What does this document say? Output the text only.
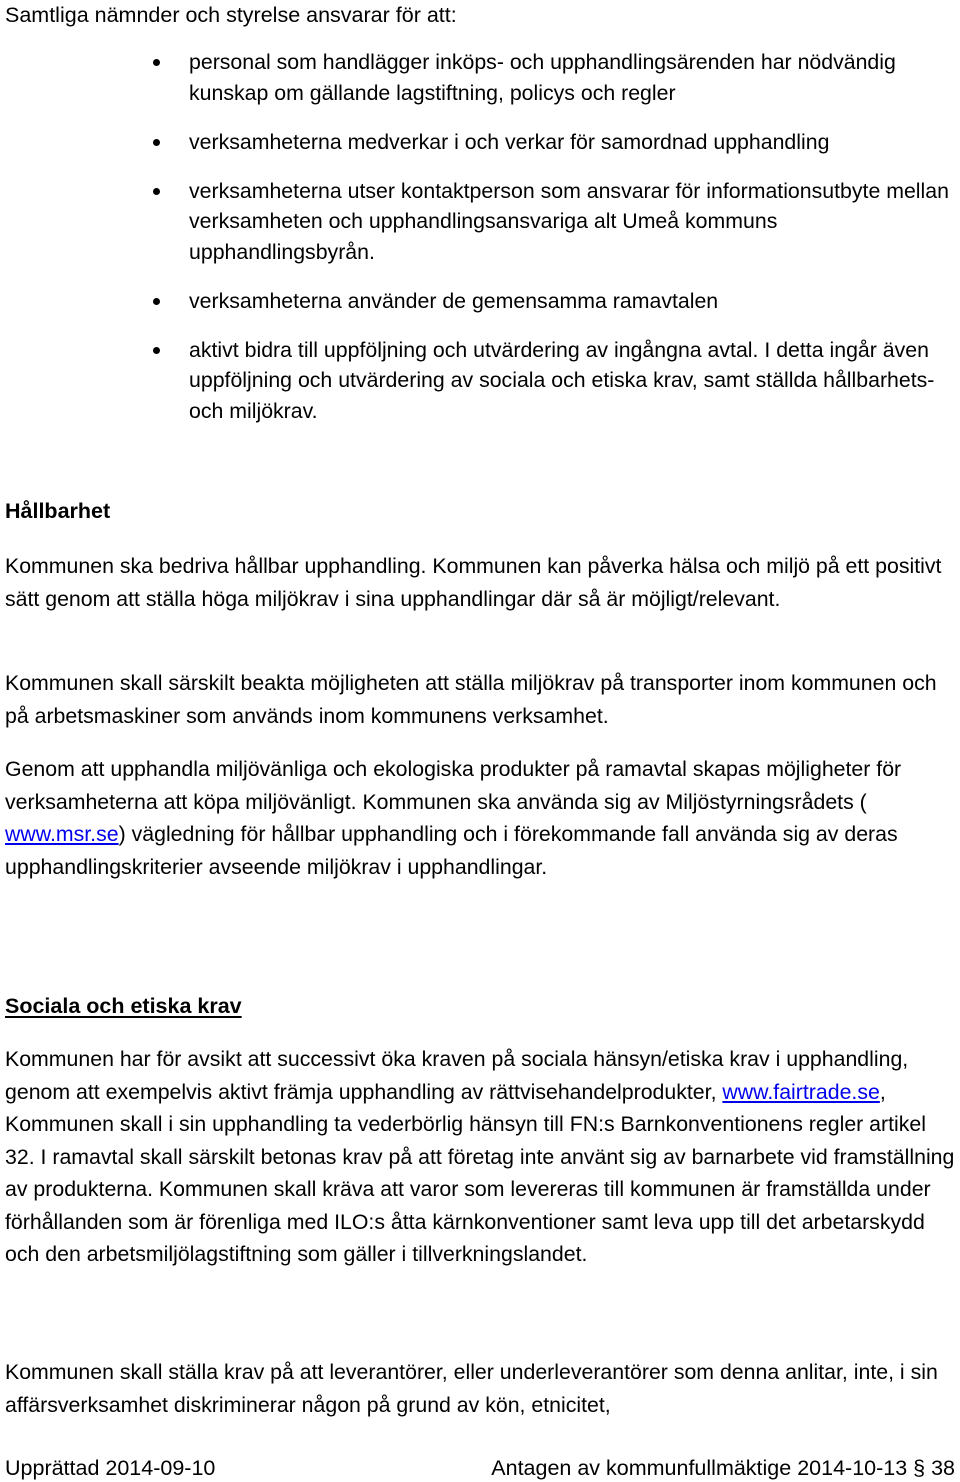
Samtliga nämnder och styrelse ansvarar för att:
personal som handlägger inköps- och upphandlingsärenden har nödvändig kunskap om gällande lagstiftning, policys och regler
verksamheterna medverkar i och verkar för samordnad upphandling
verksamheterna utser kontaktperson som ansvarar för informationsutbyte mellan verksamheten och upphandlingsansvariga alt Umeå kommuns upphandlingsbyrån.
verksamheterna använder de gemensamma ramavtalen
aktivt bidra till uppföljning och utvärdering av ingångna avtal. I detta ingår även uppföljning och utvärdering av sociala och etiska krav, samt ställda hållbarhets- och miljökrav.
Hållbarhet

Kommunen ska bedriva hållbar upphandling. Kommunen kan påverka hälsa och miljö på ett positivt sätt genom att ställa höga miljökrav i sina upphandlingar där så är möjligt/relevant.

Kommunen skall särskilt beakta möjligheten att ställa miljökrav på transporter inom kommunen och på arbetsmaskiner som används inom kommunens verksamhet.

Genom att upphandla miljövänliga och ekologiska produkter på ramavtal skapas möjligheter för verksamheterna att köpa miljövänligt. Kommunen ska använda sig av Miljöstyrningsrådets ( www.msr.se) vägledning för hållbar upphandling och i förekommande fall använda sig av deras upphandlingskriterier avseende miljökrav i upphandlingar.

Sociala och etiska krav

Kommunen har för avsikt att successivt öka kraven på sociala hänsyn/etiska krav i upphandling, genom att exempelvis aktivt främja upphandling av rättvisehandelprodukter, www.fairtrade.se, Kommunen skall i sin upphandling ta vederbörlig hänsyn till FN:s Barnkonventionens regler artikel 32. I ramavtal skall särskilt betonas krav på att företag inte använt sig av barnarbete vid framställning av produkterna. Kommunen skall kräva att varor som levereras till kommunen är framställda under förhållanden som är förenliga med ILO:s åtta kärnkonventioner samt leva upp till det arbetarskydd och den arbetsmiljölagstiftning som gäller i tillverkningslandet.

Kommunen skall ställa krav på att leverantörer, eller underleverantörer som denna anlitar, inte, i sin affärsverksamhet diskriminerar någon på grund av kön, etnicitet,

Upprättad 2014-09-10	Antagen av kommunfullmäktige 2014-10-13 § 38
